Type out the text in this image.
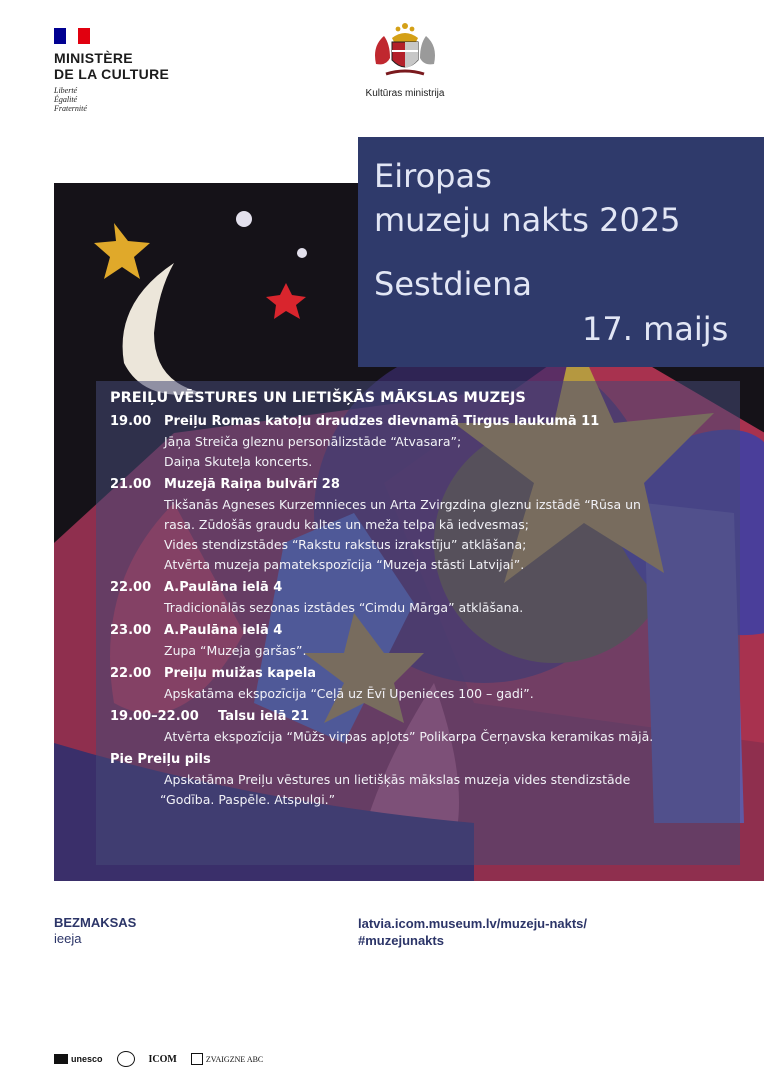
MINISTÈRE
DE LA CULTURE
Liberté
Égalité
Fraternité
Kultūras ministrija
Eiropas
muzeju nakts 2025
Sestdiena
17. maijs
PREIĻU VĒSTURES UN LIETIŠĶĀS MĀKSLAS MUZEJS
19.00 Preiļu Romas katoļu draudzes dievnamā Tirgus laukumā 11
Jāņa Streiča gleznu personālizstāde “Atvasara”;
Daiņa Skuteļa koncerts.
21.00 Muzejā Raiņa bulvārī 28
Tikšanās Agneses Kurzemnieces un Arta Zvirgzdiņa gleznu izstādē “Rūsa un
rasa. Zūdošās graudu kaltes un meža telpa kā iedvesmas;
Vides stendizstādes “Rakstu rakstus izrakstīju” atklāšana;
Atvērta muzeja pamatekspozīcija “Muzeja stāsti Latvijai”.
22.00 A.Paulāna ielā 4
Tradicionālās sezonas izstādes “Cimdu Mārga” atklāšana.
23.00 A.Paulāna ielā 4
Zupa “Muzeja garšas”.
22.00 Preiļu muižas kapela
Apskatāma ekspozīcija “Ceļā uz Ēvī Upenieces 100 – gadi”.
19.00–22.00	Talsu ielā 21
Atvērta ekspozīcija “Mūžs virpas apļots” Polikarpa Čerņavska keramikas mājā.
Pie Preiļu pils
Apskatāma Preiļu vēstures un lietišķās mākslas muzeja vides stendizstāde
“Godība. Paspēle. Atspulgi.”
BEZMAKSAS
ieeja
latvia.icom.museum.lv/muzeju-nakts/
#muzejunakts
unesco	ICOM	ZVAIGZNE ABC
